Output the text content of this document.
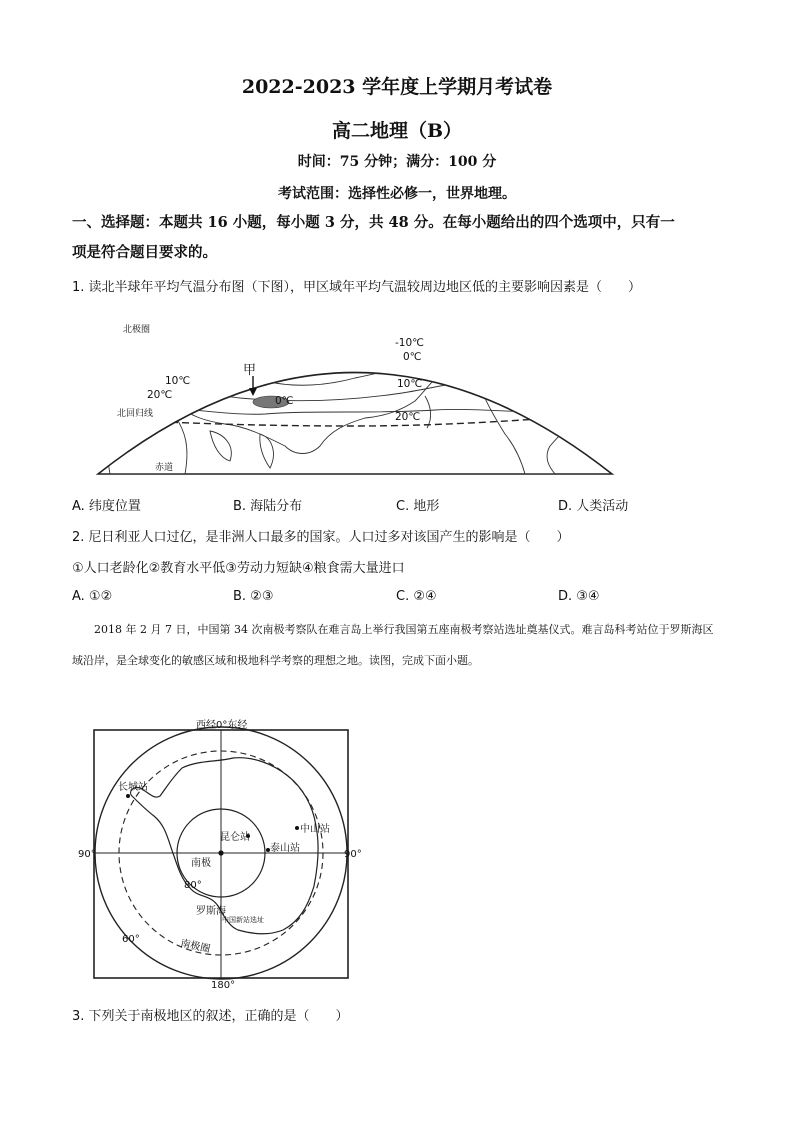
2022-2023 学年度上学期月考试卷
高二地理（B）
时间：75 分钟；满分：100 分
考试范围：选择性必修一，世界地理。
一、选择题：本题共 16 小题，每小题 3 分，共 48 分。在每小题给出的四个选项中，只有一
项是符合题目要求的。
1. 读北半球年平均气温分布图（下图），甲区域年平均气温较周边地区低的主要影响因素是（　　）
北极圈
北回归线
赤道
甲
-10℃
0℃
10℃
20℃
20℃
10℃
0℃
A. 纬度位置	B. 海陆分布	C. 地形	D. 人类活动
2. 尼日利亚人口过亿，是非洲人口最多的国家。人口过多对该国产生的影响是（　　）
①人口老龄化②教育水平低③劳动力短缺④粮食需大量进口
A. ①②	B. ②③	C. ②④	D. ③④
2018 年 2 月 7 日，中国第 34 次南极考察队在难言岛上举行我国第五座南极考察站选址奠基仪式。难言岛科考站位于罗斯海区域沿岸，是全球变化的敏感区域和极地科学考察的理想之地。读图，完成下面小题。
西经0°东经
180°
90°	90°
长城站
昆仑站
中山站
泰山站
南极
80°
60°
罗斯海
中国新站选址
南极圈
3. 下列关于南极地区的叙述，正确的是（　　）
